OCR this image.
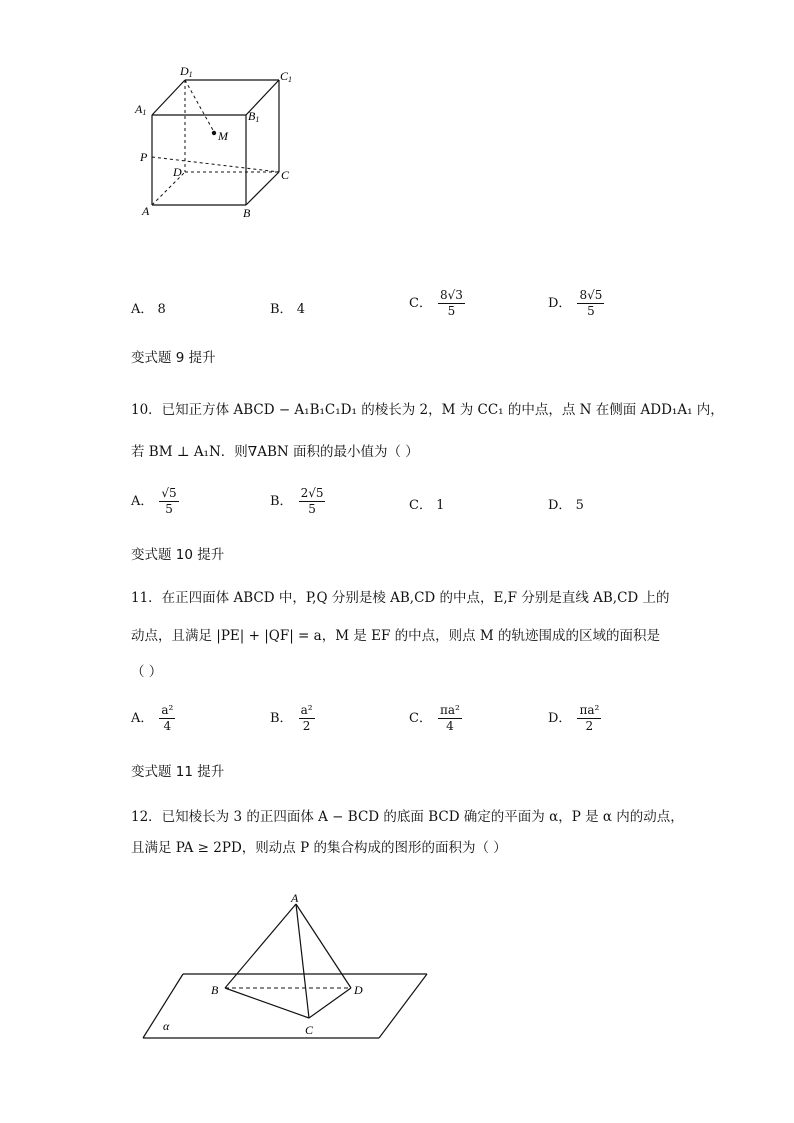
D1	C1
A1	B1
M
P
D	C
A	B
A． 8	B． 4	C． $\frac{8√3}{5}$	D． $\frac{8√5}{5}$
变式题 9 提升
10．已知正方体 ABCD − A₁B₁C₁D₁ 的棱长为 2，M 为 CC₁ 的中点，点 N 在侧面 ADD₁A₁ 内，
若 BM ⊥ A₁N．则∇ABN 面积的最小值为（ ）
A． $\frac{√5}{5}$	B． $\frac{2√5}{5}$	C． 1	D． 5
变式题 10 提升
11．在正四面体 ABCD 中，P,Q 分别是棱 AB,CD 的中点，E,F 分别是直线 AB,CD 上的
动点，且满足 |PE| + |QF| = a，M 是 EF 的中点，则点 M 的轨迹围成的区域的面积是
（ ）
A． $\frac{\text{a²}}{4}$	B． $\frac{\text{a²}}{2}$	C． $\frac{\text{πa²}}{4}$	D． $\frac{\text{πa²}}{2}$
变式题 11 提升
12．已知棱长为 3 的正四面体 A − BCD 的底面 BCD 确定的平面为 α，P 是 α 内的动点，
且满足 PA ≥ 2PD，则动点 P 的集合构成的图形的面积为（ ）
A
B
C
D
α
